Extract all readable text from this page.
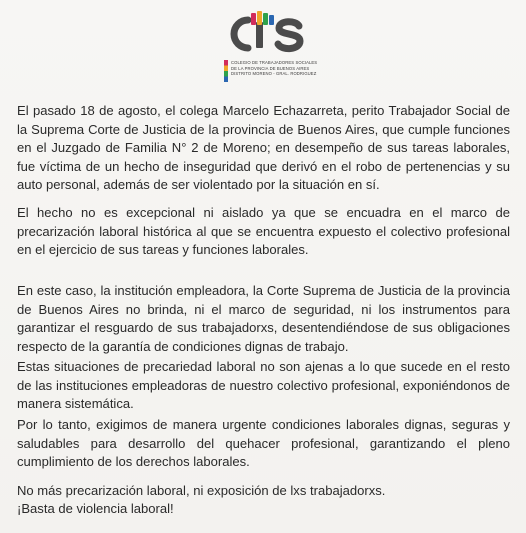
COLEGIO DE TRABAJADORES SOCIALES
DE LA PROVINCIA DE BUENOS AIRES
DISTRITO MORENO - GRAL. RODRIGUEZ

El pasado 18 de agosto, el colega Marcelo Echazarreta, perito Trabajador Social de la Suprema Corte de Justicia de la provincia de Buenos Aires, que cumple funciones en el Juzgado de Familia N° 2 de Moreno; en desempeño de sus tareas laborales, fue víctima de un hecho de inseguridad que derivó en el robo de pertenencias y su auto personal, además de ser violentado por la situación en sí.

El hecho no es excepcional ni aislado ya que se encuadra en el marco de precarización laboral histórica al que se encuentra expuesto el colectivo profesional en el ejercicio de sus tareas y funciones laborales.

En este caso, la institución empleadora, la Corte Suprema de Justicia de la provincia de Buenos Aires no brinda, ni el marco de seguridad, ni los instrumentos para garantizar el resguardo de sus trabajadorxs, desentendiéndose de sus obligaciones respecto de la garantía de condiciones dignas de trabajo.

Estas situaciones de precariedad laboral no son ajenas a lo que sucede en el resto de las instituciones empleadoras de nuestro colectivo profesional, exponiéndonos de manera sistemática.

Por lo tanto, exigimos de manera urgente condiciones laborales dignas, seguras y saludables para desarrollo del quehacer profesional, garantizando el pleno cumplimiento de los derechos laborales.

No más precarización laboral, ni exposición de lxs trabajadorxs.

¡Basta de violencia laboral!
